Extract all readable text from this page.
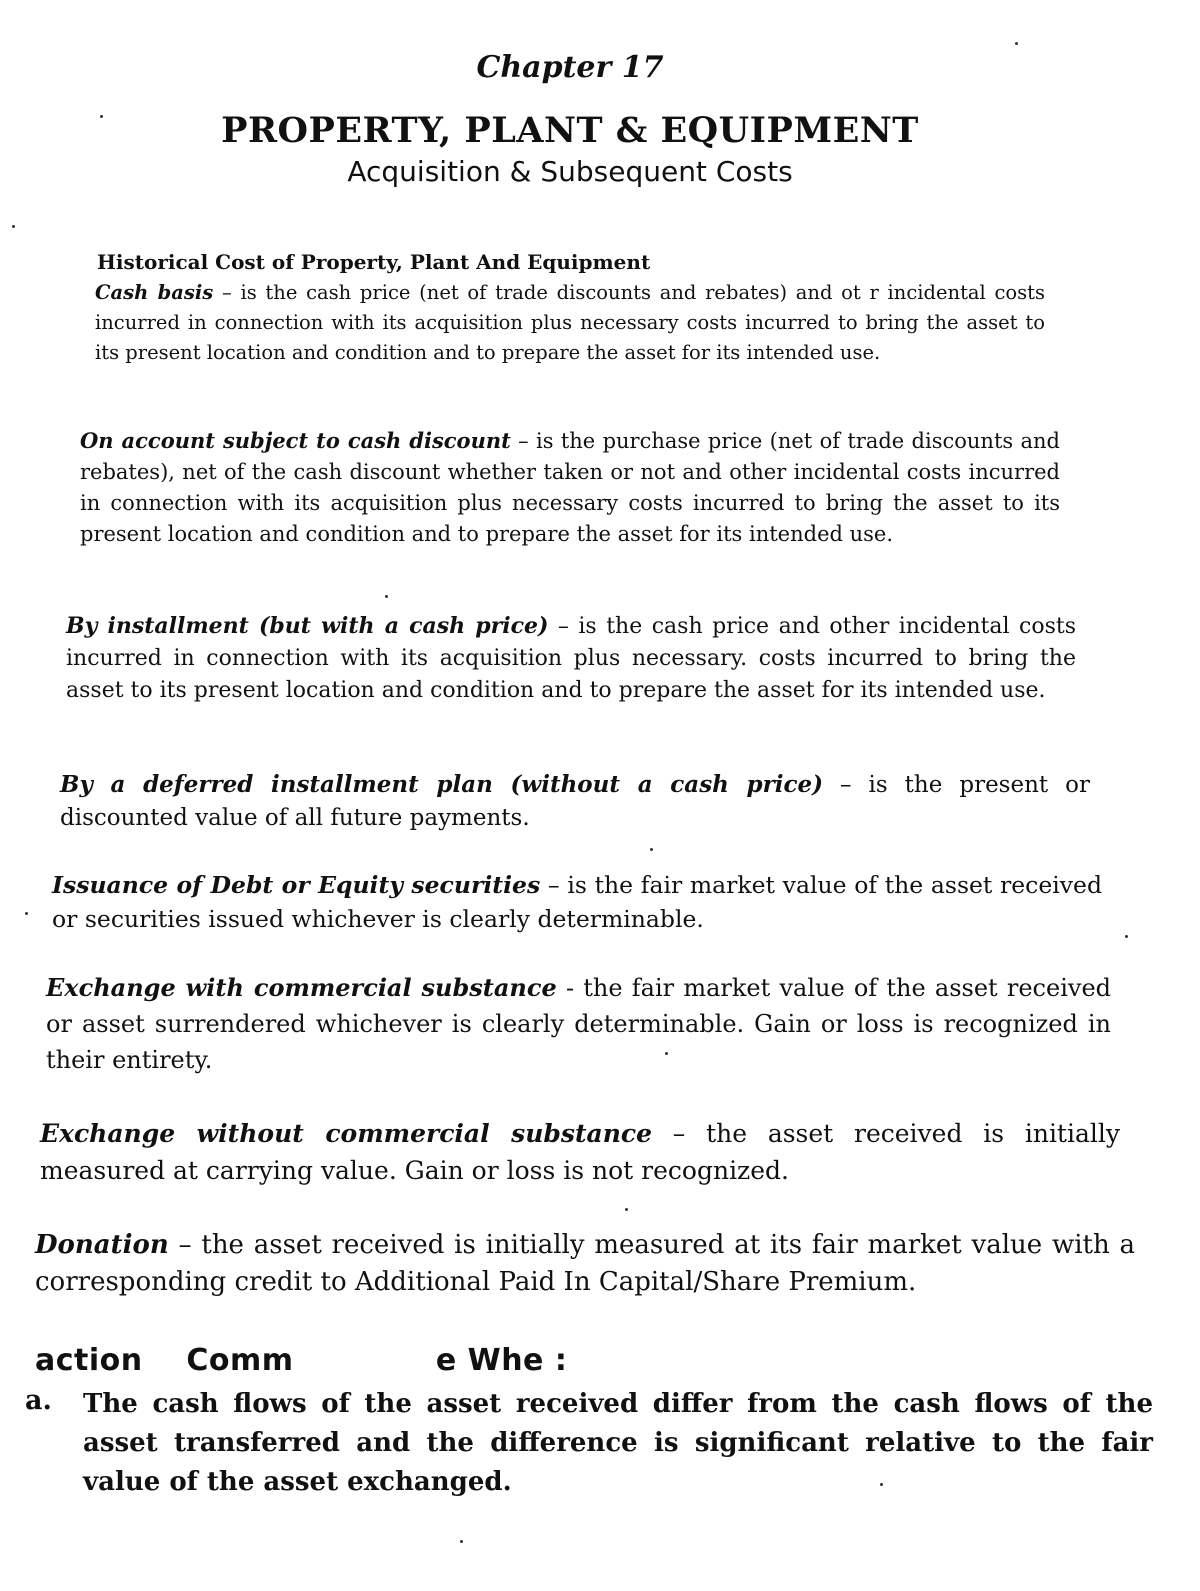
Chapter 17
PROPERTY, PLANT & EQUIPMENT
Acquisition & Subsequent Costs
Historical Cost of Property, Plant And Equipment

Cash basis – is the cash price (net of trade discounts and rebates) and ot r incidental costs incurred in connection with its acquisition plus necessary costs incurred to bring the asset to its present location and condition and to prepare the asset for its intended use.

On account subject to cash discount – is the purchase price (net of trade discounts and rebates), net of the cash discount whether taken or not and other incidental costs incurred in connection with its acquisition plus necessary costs incurred to bring the asset to its present location and condition and to prepare the asset for its intended use.

By installment (but with a cash price) – is the cash price and other incidental costs incurred in connection with its acquisition plus necessary. costs incurred to bring the asset to its present location and condition and to prepare the asset for its intended use.

By a deferred installment plan (without a cash price) – is the present or discounted value of all future payments.

Issuance of Debt or Equity securities – is the fair market value of the asset received or securities issued whichever is clearly determinable.

Exchange with commercial substance - the fair market value of the asset received or asset surrendered whichever is clearly determinable. Gain or loss is recognized in their entirety.

Exchange without commercial substance – the asset received is initially measured at carrying value. Gain or loss is not recognized.

Donation – the asset received is initially measured at its fair market value with a corresponding credit to Additional Paid In Capital/Share Premium.

action    Comm             e Whe :
a. The cash flows of the asset received differ from the cash flows of the asset transferred and the difference is significant relative to the fair value of the asset exchanged.
